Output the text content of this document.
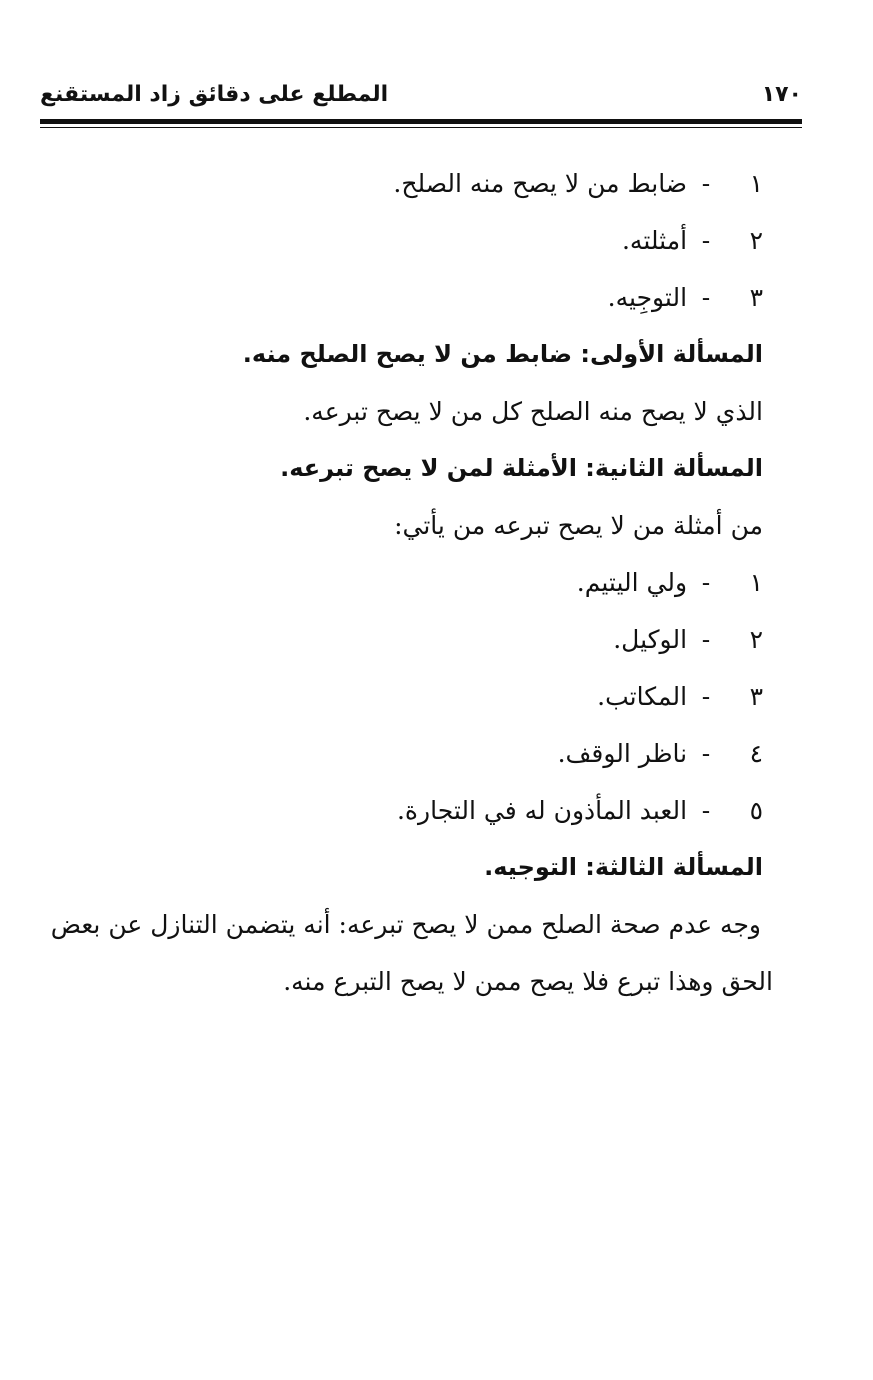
المطلع على دقائق زاد المستقنع	١٧٠
١- ضابط من لا يصح منه الصلح.
٢- أمثلته.
٣- التوجِيه.
المسألة الأولى: ضابط من لا يصح الصلح منه.
الذي لا يصح منه الصلح كل من لا يصح تبرعه.
المسألة الثانية: الأمثلة لمن لا يصح تبرعه.
من أمثلة من لا يصح تبرعه من يأتي:
١- ولي اليتيم.
٢- الوكيل.
٣- المكاتب.
٤- ناظر الوقف.
٥- العبد المأذون له في التجارة.
المسألة الثالثة: التوجيه.
وجه عدم صحة الصلح ممن لا يصح تبرعه: أنه يتضمن التنازل عن بعض
الحق وهذا تبرع فلا يصح ممن لا يصح التبرع منه.
